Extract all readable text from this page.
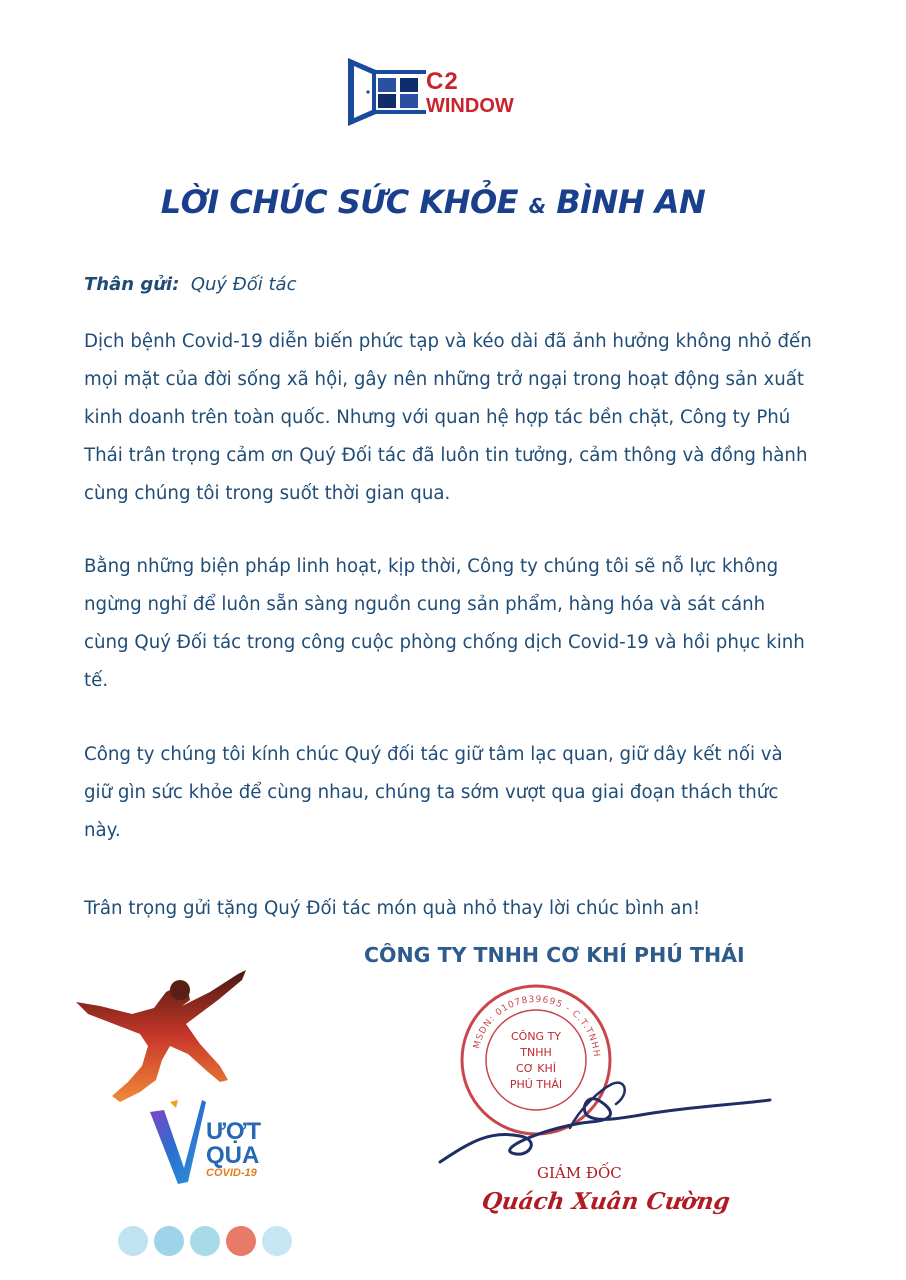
C2
WINDOW
LỜI CHÚC SỨC KHỎE & BÌNH AN
Thân gửi: Quý Đối tác
Dịch bệnh Covid-19 diễn biến phức tạp và kéo dài đã ảnh hưởng không nhỏ đến mọi mặt của đời sống xã hội, gây nên những trở ngại trong hoạt động sản xuất kinh doanh trên toàn quốc. Nhưng với quan hệ hợp tác bền chặt, Công ty Phú Thái trân trọng cảm ơn Quý Đối tác đã luôn tin tưởng, cảm thông và đồng hành cùng chúng tôi trong suốt thời gian qua.
Bằng những biện pháp linh hoạt, kịp thời, Công ty chúng tôi sẽ nỗ lực không ngừng nghỉ để luôn sẵn sàng nguồn cung sản phẩm, hàng hóa và sát cánh cùng Quý Đối tác trong công cuộc phòng chống dịch Covid-19 và hồi phục kinh tế.
Công ty chúng tôi kính chúc Quý đối tác giữ tâm lạc quan, giữ dây kết nối và giữ gìn sức khỏe để cùng nhau, chúng ta sớm vượt qua giai đoạn thách thức này.
Trân trọng gửi tặng Quý Đối tác món quà nhỏ thay lời chúc bình an!
CÔNG TY TNHH CƠ KHÍ PHÚ THÁI
ƯỢT
QUA
COVID-19
MSDN: 0107839695 - C.T.TNHH
CÔNG TY
TNHH
CƠ KHÍ
PHÚ THÁI
GIÁM ĐỐC
Quách Xuân Cường
